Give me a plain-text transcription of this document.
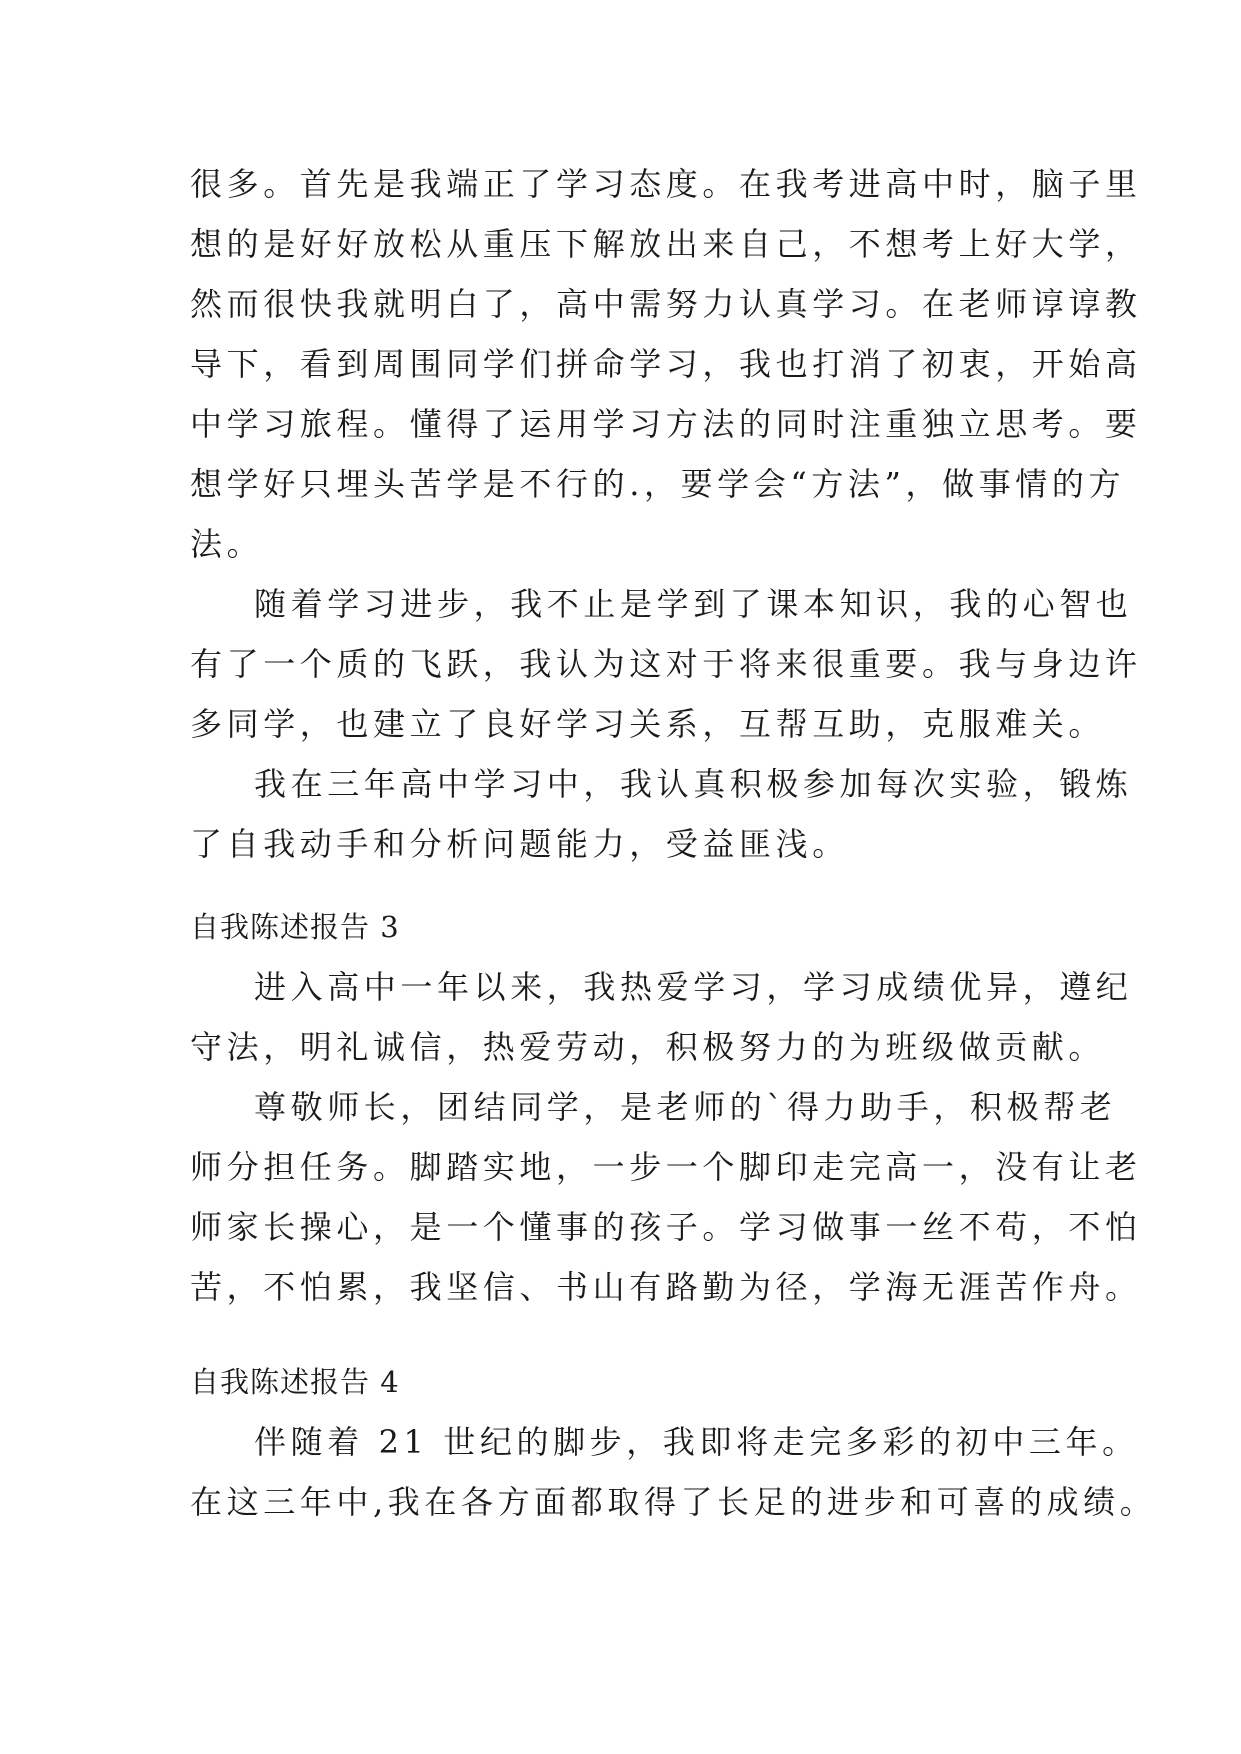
很多。首先是我端正了学习态度。在我考进高中时，脑子里
想的是好好放松从重压下解放出来自己，不想考上好大学，
然而很快我就明白了，高中需努力认真学习。在老师谆谆教
导下，看到周围同学们拼命学习，我也打消了初衷，开始高
中学习旅程。懂得了运用学习方法的同时注重独立思考。要
想学好只埋头苦学是不行的.，要学会“方法”，做事情的方
法。
随着学习进步，我不止是学到了课本知识，我的心智也
有了一个质的飞跃，我认为这对于将来很重要。我与身边许
多同学，也建立了良好学习关系，互帮互助，克服难关。
我在三年高中学习中，我认真积极参加每次实验，锻炼
了自我动手和分析问题能力，受益匪浅。
自我陈述报告 3
进入高中一年以来，我热爱学习，学习成绩优异，遵纪
守法，明礼诚信，热爱劳动，积极努力的为班级做贡献。
尊敬师长，团结同学，是老师的`得力助手，积极帮老
师分担任务。脚踏实地，一步一个脚印走完高一，没有让老
师家长操心，是一个懂事的孩子。学习做事一丝不苟，不怕
苦，不怕累，我坚信、书山有路勤为径，学海无涯苦作舟。
自我陈述报告 4
伴随着 21 世纪的脚步，我即将走完多彩的初中三年。
在这三年中,我在各方面都取得了长足的进步和可喜的成绩。
